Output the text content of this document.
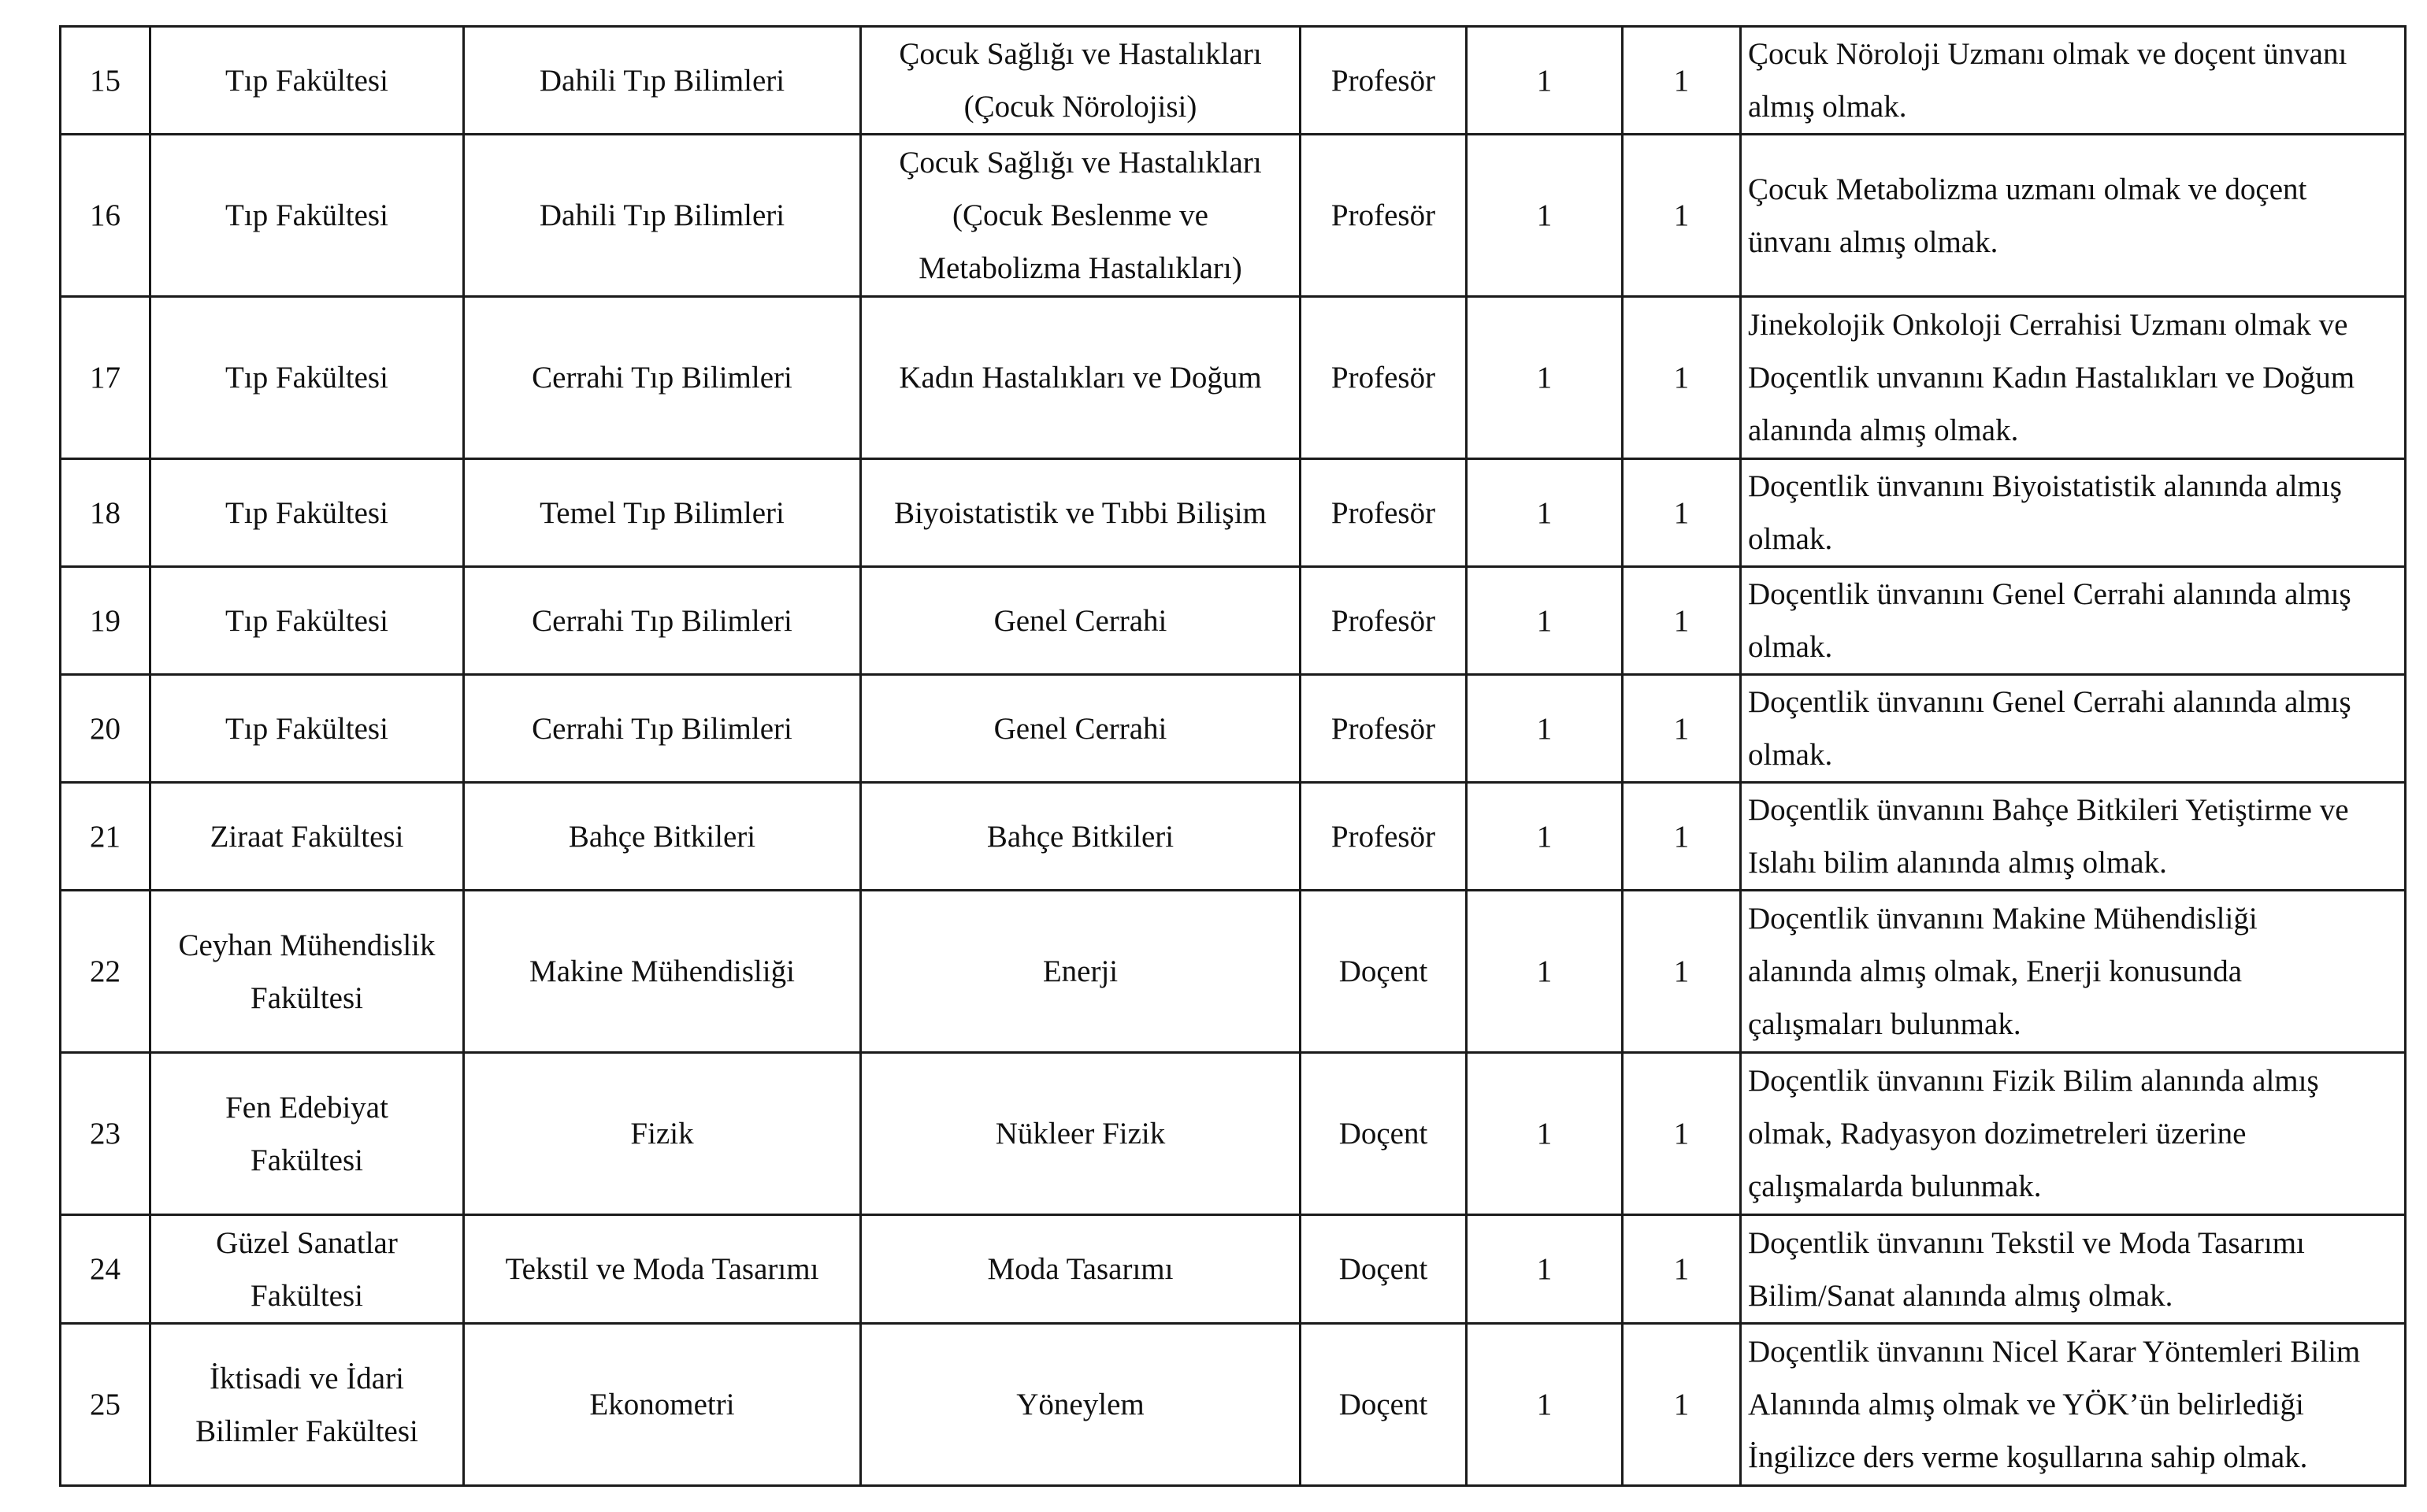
15	Tıp Fakültesi	Dahili Tıp Bilimleri	Çocuk Sağlığı ve Hastalıkları
(Çocuk Nörolojisi)	Profesör	1	1	Çocuk Nöroloji Uzmanı olmak ve doçent ünvanı
almış olmak.
16	Tıp Fakültesi	Dahili Tıp Bilimleri	Çocuk Sağlığı ve Hastalıkları
(Çocuk Beslenme ve
Metabolizma Hastalıkları)	Profesör	1	1	Çocuk Metabolizma uzmanı olmak ve doçent
ünvanı almış olmak.
17	Tıp Fakültesi	Cerrahi Tıp Bilimleri	Kadın Hastalıkları ve Doğum	Profesör	1	1	Jinekolojik Onkoloji Cerrahisi Uzmanı olmak ve
Doçentlik unvanını Kadın Hastalıkları ve Doğum
alanında almış olmak.
18	Tıp Fakültesi	Temel Tıp Bilimleri	Biyoistatistik ve Tıbbi Bilişim	Profesör	1	1	Doçentlik ünvanını Biyoistatistik alanında almış
olmak.
19	Tıp Fakültesi	Cerrahi Tıp Bilimleri	Genel Cerrahi	Profesör	1	1	Doçentlik ünvanını Genel Cerrahi alanında almış
olmak.
20	Tıp Fakültesi	Cerrahi Tıp Bilimleri	Genel Cerrahi	Profesör	1	1	Doçentlik ünvanını Genel Cerrahi alanında almış
olmak.
21	Ziraat Fakültesi	Bahçe Bitkileri	Bahçe Bitkileri	Profesör	1	1	Doçentlik ünvanını Bahçe Bitkileri Yetiştirme ve
Islahı bilim alanında almış olmak.
22	Ceyhan Mühendislik
Fakültesi	Makine Mühendisliği	Enerji	Doçent	1	1	Doçentlik ünvanını Makine Mühendisliği
alanında almış olmak, Enerji konusunda
çalışmaları bulunmak.
23	Fen Edebiyat
Fakültesi	Fizik	Nükleer Fizik	Doçent	1	1	Doçentlik ünvanını Fizik Bilim alanında almış
olmak, Radyasyon dozimetreleri üzerine
çalışmalarda bulunmak.
24	Güzel Sanatlar
Fakültesi	Tekstil ve Moda Tasarımı	Moda Tasarımı	Doçent	1	1	Doçentlik ünvanını Tekstil ve Moda Tasarımı
Bilim/Sanat alanında almış olmak.
25	İktisadi ve İdari
Bilimler Fakültesi	Ekonometri	Yöneylem	Doçent	1	1	Doçentlik ünvanını Nicel Karar Yöntemleri Bilim
Alanında almış olmak ve YÖK’ün belirlediği
İngilizce ders verme koşullarına sahip olmak.
